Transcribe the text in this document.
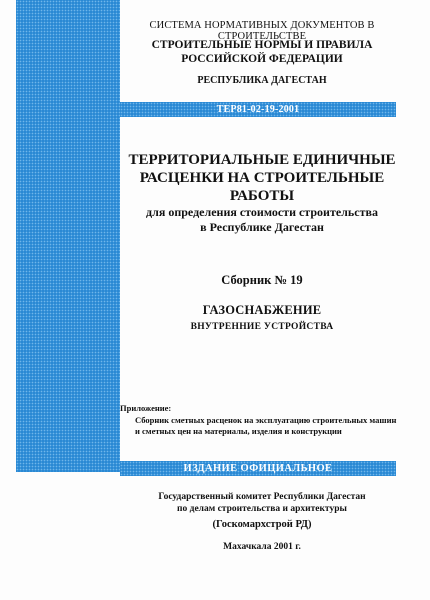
СИСТЕМА НОРМАТИВНЫХ ДОКУМЕНТОВ В СТРОИТЕЛЬСТВЕ
СТРОИТЕЛЬНЫЕ НОРМЫ И ПРАВИЛА
РОССИЙСКОЙ ФЕДЕРАЦИИ
РЕСПУБЛИКА ДАГЕСТАН
ТЕР81-02-19-2001
ТЕРРИТОРИАЛЬНЫЕ ЕДИНИЧНЫЕ
РАСЦЕНКИ НА СТРОИТЕЛЬНЫЕ
РАБОТЫ
для определения стоимости строительства
в Республике Дагестан
Сборник № 19
ГАЗОСНАБЖЕНИЕ
ВНУТРЕННИЕ УСТРОЙСТВА
Приложение:
Сборник сметных расценок на эксплуатацию строительных машин
и сметных цен на материалы, изделия и конструкции
ИЗДАНИЕ ОФИЦИАЛЬНОЕ
Государственный комитет Республики Дагестан
по делам строительства и архитектуры
(Госкомархстрой РД)
Махачкала 2001 г.
